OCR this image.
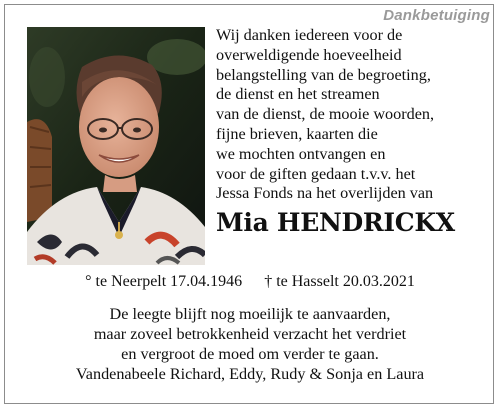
Dankbetuiging
Wij danken iedereen voor de
overweldigende hoeveelheid
belangstelling van de begroeting,
de dienst en het streamen
van de dienst, de mooie woorden,
fijne brieven, kaarten die
we mochten ontvangen en
voor de giften gedaan t.v.v. het
Jessa Fonds na het overlijden van
Mia HENDRICKX
° te Neerpelt 17.04.1946 † te Hasselt 20.03.2021
De leegte blijft nog moeilijk te aanvaarden,
maar zoveel betrokkenheid verzacht het verdriet
en vergroot de moed om verder te gaan.
Vandenabeele Richard, Eddy, Rudy & Sonja en Laura
